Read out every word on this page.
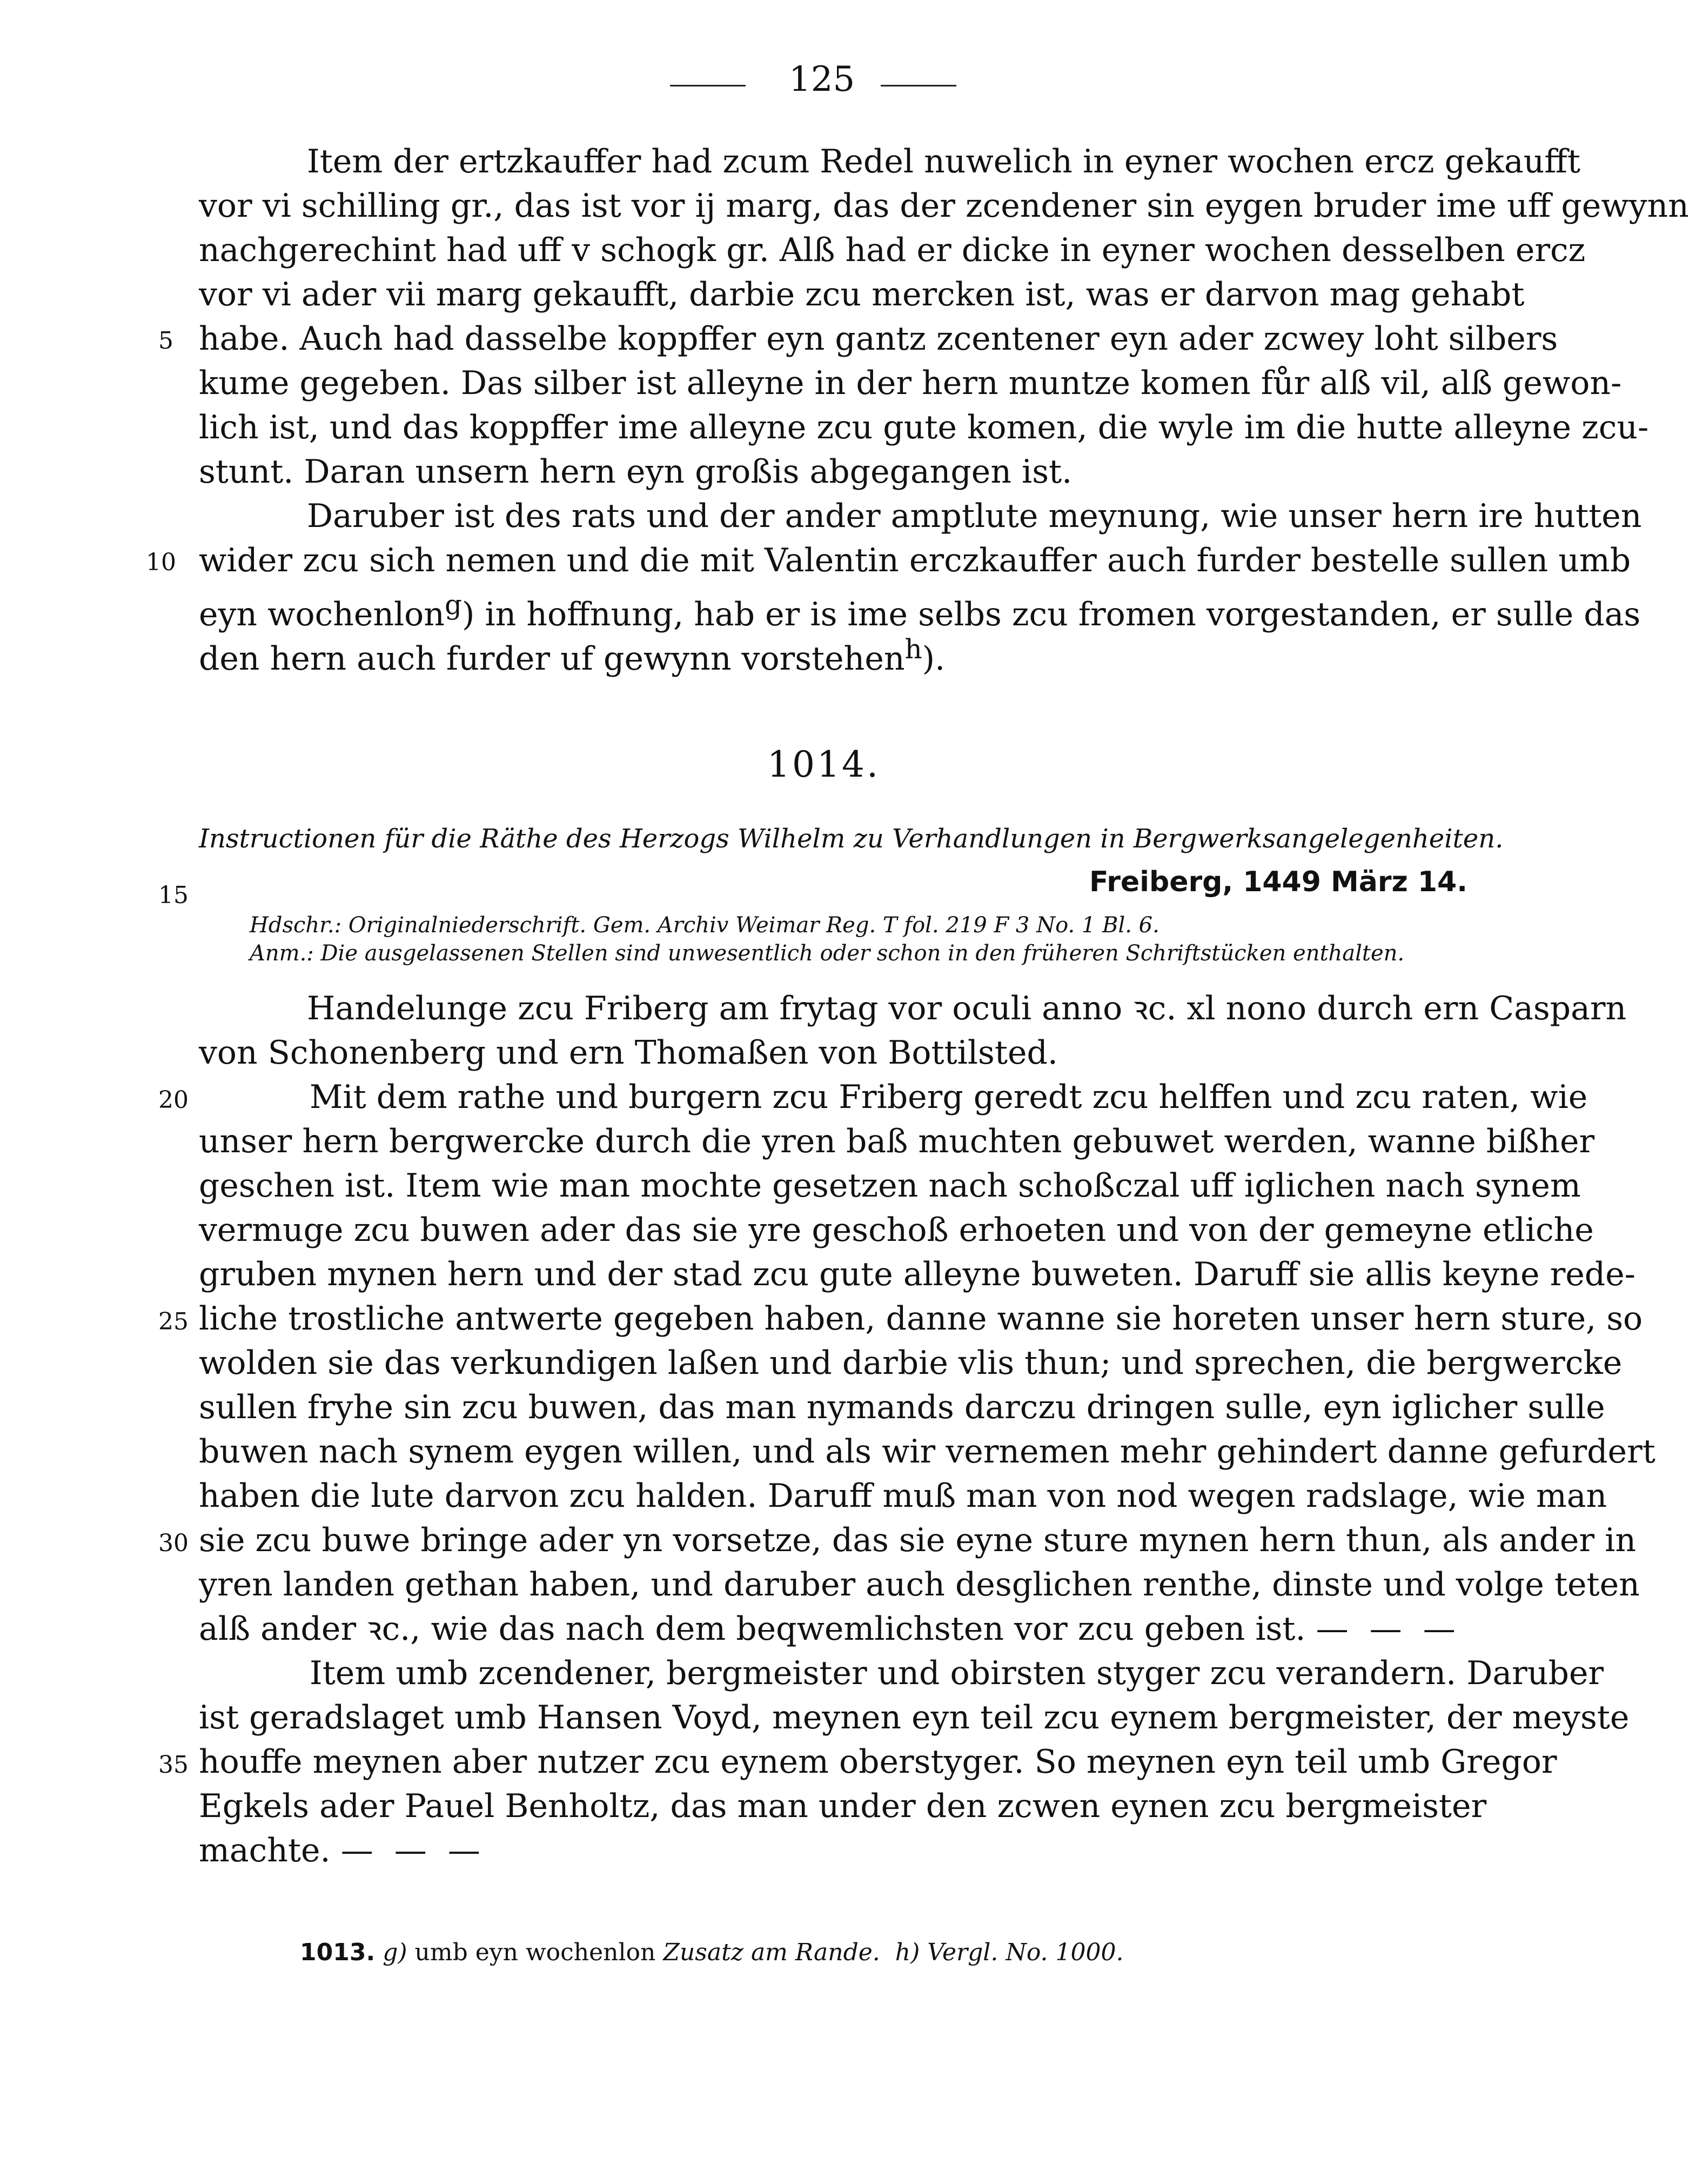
125
Item der ertzkauffer had zcum Redel nuwelich in eyner wochen ercz gekaufft
vor vi schilling gr., das ist vor ij marg, das der zcendener sin eygen bruder ime uff gewynn
nachgerechint had uff v schogk gr. Alß had er dicke in eyner wochen desselben ercz
vor vi ader vii marg gekaufft, darbie zcu mercken ist, was er darvon mag gehabt
habe. Auch had dasselbe koppffer eyn gantz zcentener eyn ader zcwey loht silbers
kume gegeben. Das silber ist alleyne in der hern muntze komen fůr alß vil, alß gewon-
lich ist, und das koppffer ime alleyne zcu gute komen, die wyle im die hutte alleyne zcu-
stunt. Daran unsern hern eyn großis abgegangen ist.
Daruber ist des rats und der ander amptlute meynung, wie unser hern ire hutten
wider zcu sich nemen und die mit Valentin erczkauffer auch furder bestelle sullen umb
eyn wochenlon$^g$) in hoffnung, hab er is ime selbs zcu fromen vorgestanden, er sulle das
den hern auch furder uf gewynn vorstehen$^h$).
5
10
1014.
Instructionen für die Räthe des Herzogs Wilhelm zu Verhandlungen in Bergwerksangelegenheiten.
15	Freiberg, 1449 März 14.
Hdschr.: Originalniederschrift. Gem. Archiv Weimar Reg. T fol. 219 F 3 No. 1 Bl. 6.
Anm.: Die ausgelassenen Stellen sind unwesentlich oder schon in den früheren Schriftstücken enthalten.
Handelunge zcu Friberg am frytag vor oculi anno ꝛc. xl nono durch ern Casparn
von Schonenberg und ern Thomaßen von Bottilsted.
Mit dem rathe und burgern zcu Friberg geredt zcu helffen und zcu raten, wie
unser hern bergwercke durch die yren baß muchten gebuwet werden, wanne bißher
geschen ist. Item wie man mochte gesetzen nach schoßczal uff iglichen nach synem
vermuge zcu buwen ader das sie yre geschoß erhoeten und von der gemeyne etliche
gruben mynen hern und der stad zcu gute alleyne buweten. Daruff sie allis keyne rede-
liche trostliche antwerte gegeben haben, danne wanne sie horeten unser hern sture, so
wolden sie das verkundigen laßen und darbie vlis thun; und sprechen, die bergwercke
sullen fryhe sin zcu buwen, das man nymands darczu dringen sulle, eyn iglicher sulle
buwen nach synem eygen willen, und als wir vernemen mehr gehindert danne gefurdert
haben die lute darvon zcu halden. Daruff muß man von nod wegen radslage, wie man
sie zcu buwe bringe ader yn vorsetze, das sie eyne sture mynen hern thun, als ander in
yren landen gethan haben, und daruber auch desglichen renthe, dinste und volge teten
alß ander ꝛc., wie das nach dem beqwemlichsten vor zcu geben ist. — — —
Item umb zcendener, bergmeister und obirsten styger zcu verandern. Daruber
ist geradslaget umb Hansen Voyd, meynen eyn teil zcu eynem bergmeister, der meyste
houffe meynen aber nutzer zcu eynem oberstyger. So meynen eyn teil umb Gregor
Egkels ader Pauel Benholtz, das man under den zcwen eynen zcu bergmeister
machte. — — —
20
25
30
35
1013. g) umb eyn wochenlon Zusatz am Rande. h) Vergl. No. 1000.
